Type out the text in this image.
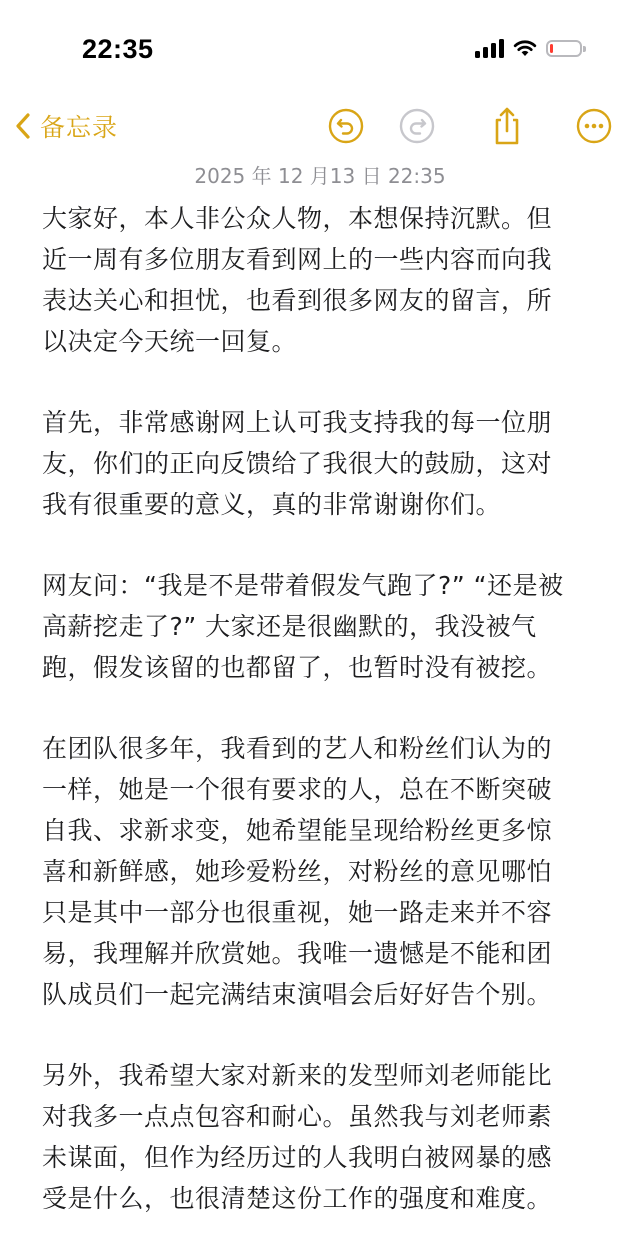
22:35
备忘录
2025 年 12 月13 日 22:35

大家好，本人非公众人物，本想保持沉默。但
近一周有多位朋友看到网上的一些内容而向我
表达关心和担忧，也看到很多网友的留言，所
以决定今天统一回复。

首先，非常感谢网上认可我支持我的每一位朋
友，你们的正向反馈给了我很大的鼓励，这对
我有很重要的意义，真的非常谢谢你们。

网友问：“我是不是带着假发气跑了?” “还是被
高薪挖走了?” 大家还是很幽默的，我没被气
跑，假发该留的也都留了，也暂时没有被挖。

在团队很多年，我看到的艺人和粉丝们认为的
一样，她是一个很有要求的人，总在不断突破
自我、求新求变，她希望能呈现给粉丝更多惊
喜和新鲜感，她珍爱粉丝，对粉丝的意见哪怕
只是其中一部分也很重视，她一路走来并不容
易，我理解并欣赏她。我唯一遗憾是不能和团
队成员们一起完满结束演唱会后好好告个别。

另外，我希望大家对新来的发型师刘老师能比
对我多一点点包容和耐心。虽然我与刘老师素
未谋面，但作为经历过的人我明白被网暴的感
受是什么，也很清楚这份工作的强度和难度。
